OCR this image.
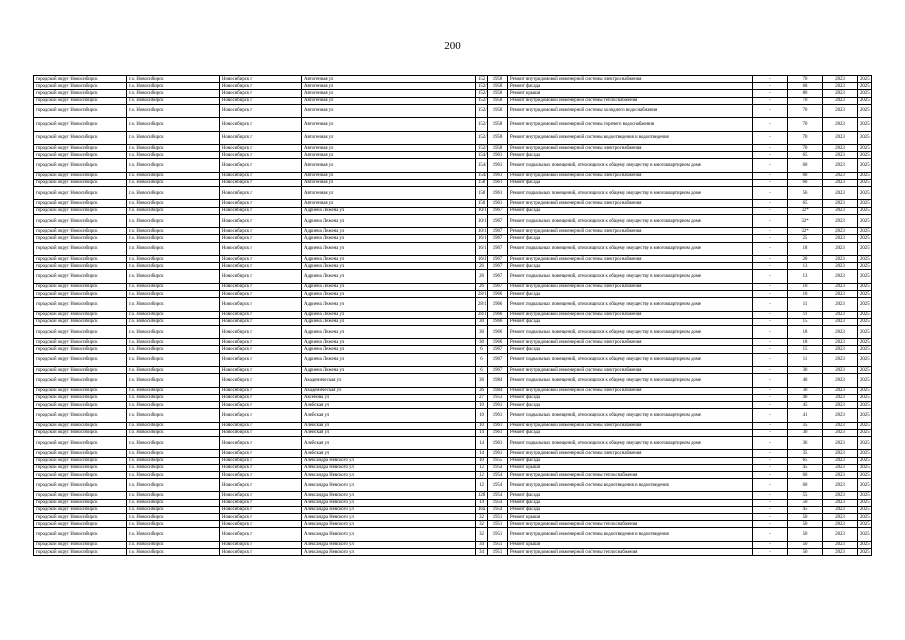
200
городской округ Новосибирск	г.о. Новосибирск	Новосибирск г	Автогенная ул	152	1958	Ремонт внутридомовой инженерной системы электроснабжения	-	70	2023	2025
городской округ Новосибирск	г.о. Новосибирск	Новосибирск г	Автогенная ул	152/1	1958	Ремонт фасада	-	68	2023	2025
городской округ Новосибирск	г.о. Новосибирск	Новосибирск г	Автогенная ул	152/1	1958	Ремонт крыши	-	80	2023	2025
городской округ Новосибирск	г.о. Новосибирск	Новосибирск г	Автогенная ул	152/1	1958	Ремонт внутридомовой инженерной системы теплоснабжения	-	70	2023	2025
городской округ Новосибирск	г.о. Новосибирск	Новосибирск г	Автогенная ул	152/1	1958	Ремонт внутридомовой инженерной системы холодного водоснабжения	-	70	2023	2025
городской округ Новосибирск	г.о. Новосибирск	Новосибирск г	Автогенная ул	152/1	1958	Ремонт внутридомовой инженерной системы горячего водоснабжения	-	70	2023	2025
городской округ Новосибирск	г.о. Новосибирск	Новосибирск г	Автогенная ул	152/1	1958	Ремонт внутридомовой инженерной системы водоотведения и водоотведения	-	70	2023	2025
городской округ Новосибирск	г.о. Новосибирск	Новосибирск г	Автогенная ул	152/1	1958	Ремонт внутридомовой инженерной системы электроснабжения	-	70	2023	2025
городской округ Новосибирск	г.о. Новосибирск	Новосибирск г	Автогенная ул	154/1	1961	Ремонт фасада	-	65	2023	2025
городской округ Новосибирск	г.о. Новосибирск	Новосибирск г	Автогенная ул	154/1	1961	Ремонт подвальных помещений, относящихся к общему имуществу в многоквартирном доме	-	60	2023	2025
городской округ Новосибирск	г.о. Новосибирск	Новосибирск г	Автогенная ул	154/1	1961	Ремонт внутридомовой инженерной системы электроснабжения	-	60	2023	2025
городской округ Новосибирск	г.о. Новосибирск	Новосибирск г	Автогенная ул	158	1961	Ремонт фасада	-	60	2023	2025
городской округ Новосибирск	г.о. Новосибирск	Новосибирск г	Автогенная ул	158	1961	Ремонт подвальных помещений, относящихся к общему имуществу в многоквартирном доме	-	56	2023	2025
городской округ Новосибирск	г.о. Новосибирск	Новосибирск г	Автогенная ул	158	1961	Ремонт внутридомовой инженерной системы электроснабжения	-	65	2023	2025
городской округ Новосибирск	г.о. Новосибирск	Новосибирск г	Адриена Лежена ул	10/1	1967	Ремонт фасада	-	32*	2023	2025
городской округ Новосибирск	г.о. Новосибирск	Новосибирск г	Адриена Лежена ул	10/1	1967	Ремонт подвальных помещений, относящихся к общему имуществу в многоквартирном доме	-	32*	2023	2025
городской округ Новосибирск	г.о. Новосибирск	Новосибирск г	Адриена Лежена ул	10/1	1967	Ремонт внутридомовой инженерной системы электроснабжения	-	32*	2023	2025
городской округ Новосибирск	г.о. Новосибирск	Новосибирск г	Адриена Лежена ул	16/1	1967	Ремонт фасада	-	25	2023	2025
городской округ Новосибирск	г.о. Новосибирск	Новосибирск г	Адриена Лежена ул	16/1	1967	Ремонт подвальных помещений, относящихся к общему имуществу в многоквартирном доме	-	18	2023	2025
городской округ Новосибирск	г.о. Новосибирск	Новосибирск г	Адриена Лежена ул	16/1	1967	Ремонт внутридомовой инженерной системы электроснабжения	-	20	2023	2025
городской округ Новосибирск	г.о. Новосибирск	Новосибирск г	Адриена Лежена ул	26	1967	Ремонт фасада	-	13	2023	2025
городской округ Новосибирск	г.о. Новосибирск	Новосибирск г	Адриена Лежена ул	26	1967	Ремонт подвальных помещений, относящихся к общему имуществу в многоквартирном доме	-	13	2023	2025
городской округ Новосибирск	г.о. Новосибирск	Новосибирск г	Адриена Лежена ул	26	1967	Ремонт внутридомовой инженерной системы электроснабжения	-	10	2023	2025
городской округ Новосибирск	г.о. Новосибирск	Новосибирск г	Адриена Лежена ул	28/1	1966	Ремонт фасада	-	10	2023	2025
городской округ Новосибирск	г.о. Новосибирск	Новосибирск г	Адриена Лежена ул	28/1	1966	Ремонт подвальных помещений, относящихся к общему имуществу в многоквартирном доме	-	11	2023	2025
городской округ Новосибирск	г.о. Новосибирск	Новосибирск г	Адриена Лежена ул	28/1	1966	Ремонт внутридомовой инженерной системы электроснабжения	-	11	2023	2025
городской округ Новосибирск	г.о. Новосибирск	Новосибирск г	Адриена Лежена ул	30	1966	Ремонт фасада	-	15	2023	2025
городской округ Новосибирск	г.о. Новосибирск	Новосибирск г	Адриена Лежена ул	30	1966	Ремонт подвальных помещений, относящихся к общему имуществу в многоквартирном доме	-	18	2023	2025
городской округ Новосибирск	г.о. Новосибирск	Новосибирск г	Адриена Лежена ул	30	1966	Ремонт внутридомовой инженерной системы электроснабжения	-	18	2023	2025
городской округ Новосибирск	г.о. Новосибирск	Новосибирск г	Адриена Лежена ул	6	1967	Ремонт фасада	-	15	2023	2025
городской округ Новосибирск	г.о. Новосибирск	Новосибирск г	Адриена Лежена ул	6	1967	Ремонт подвальных помещений, относящихся к общему имуществу в многоквартирном доме	-	11	2023	2025
городской округ Новосибирск	г.о. Новосибирск	Новосибирск г	Адриена Лежена ул	6	1967	Ремонт внутридомовой инженерной системы электроснабжения	-	30	2023	2025
городской округ Новосибирск	г.о. Новосибирск	Новосибирск г	Академическая ул	36	1984	Ремонт подвальных помещений, относящихся к общему имуществу в многоквартирном доме	-	40	2023	2025
городской округ Новосибирск	г.о. Новосибирск	Новосибирск г	Академическая ул	36	1984	Ремонт внутридомовой инженерной системы электроснабжения	-	30	2023	2025
городской округ Новосибирск	г.о. Новосибирск	Новосибирск г	Аксенова ул	27	1953	Ремонт фасада	-	40	2023	2025
городской округ Новосибирск	г.о. Новосибирск	Новосибирск г	Алейская ул	10	1961	Ремонт фасада	-	45	2023	2025
городской округ Новосибирск	г.о. Новосибирск	Новосибирск г	Алейская ул	10	1961	Ремонт подвальных помещений, относящихся к общему имуществу в многоквартирном доме	-	41	2023	2025
городской округ Новосибирск	г.о. Новосибирск	Новосибирск г	Алейская ул	10	1961	Ремонт внутридомовой инженерной системы электроснабжения	-	35	2023	2025
городской округ Новосибирск	г.о. Новосибирск	Новосибирск г	Алейская ул	14	1961	Ремонт фасада	-	30	2023	2025
городской округ Новосибирск	г.о. Новосибирск	Новосибирск г	Алейская ул	14	1961	Ремонт подвальных помещений, относящихся к общему имуществу в многоквартирном доме	-	36	2023	2025
городской округ Новосибирск	г.о. Новосибирск	Новосибирск г	Алейская ул	14	1961	Ремонт внутридомовой инженерной системы электроснабжения	-	35	2023	2025
городской округ Новосибирск	г.о. Новосибирск	Новосибирск г	Александра Невского ул	10	1955	Ремонт фасада	-	65	2023	2025
городской округ Новосибирск	г.о. Новосибирск	Новосибирск г	Александра Невского ул	12	1954	Ремонт крыши	-	45	2023	2025
городской округ Новосибирск	г.о. Новосибирск	Новосибирск г	Александра Невского ул	12	1954	Ремонт внутридомовой инженерной системы теплоснабжения	-	60	2023	2025
городской округ Новосибирск	г.о. Новосибирск	Новосибирск г	Александра Невского ул	12	1954	Ремонт внутридомовой инженерной системы водоотведения и водоотведения	-	60	2023	2025
городской округ Новосибирск	г.о. Новосибирск	Новосибирск г	Александра Невского ул	12б	1954	Ремонт фасада	-	55	2023	2025
городской округ Новосибирск	г.о. Новосибирск	Новосибирск г	Александра Невского ул	14	1954	Ремонт фасада	-	50	2023	2025
городской округ Новосибирск	г.о. Новосибирск	Новосибирск г	Александра Невского ул	16а	1954	Ремонт фасада	-	45	2023	2025
городской округ Новосибирск	г.о. Новосибирск	Новосибирск г	Александра Невского ул	32	1951	Ремонт крыши	-	50	2023	2025
городской округ Новосибирск	г.о. Новосибирск	Новосибирск г	Александра Невского ул	32	1951	Ремонт внутридомовой инженерной системы теплоснабжения	-	50	2023	2025
городской округ Новосибирск	г.о. Новосибирск	Новосибирск г	Александра Невского ул	32	1951	Ремонт внутридомовой инженерной системы водоотведения и водоотведения	-	50	2023	2025
городской округ Новосибирск	г.о. Новосибирск	Новосибирск г	Александра Невского ул	34	1951	Ремонт крыши	-	50	2023	2025
городской округ Новосибирск	г.о. Новосибирск	Новосибирск г	Александра Невского ул	34	1951	Ремонт внутридомовой инженерной системы теплоснабжения	-	50	2023	2025
